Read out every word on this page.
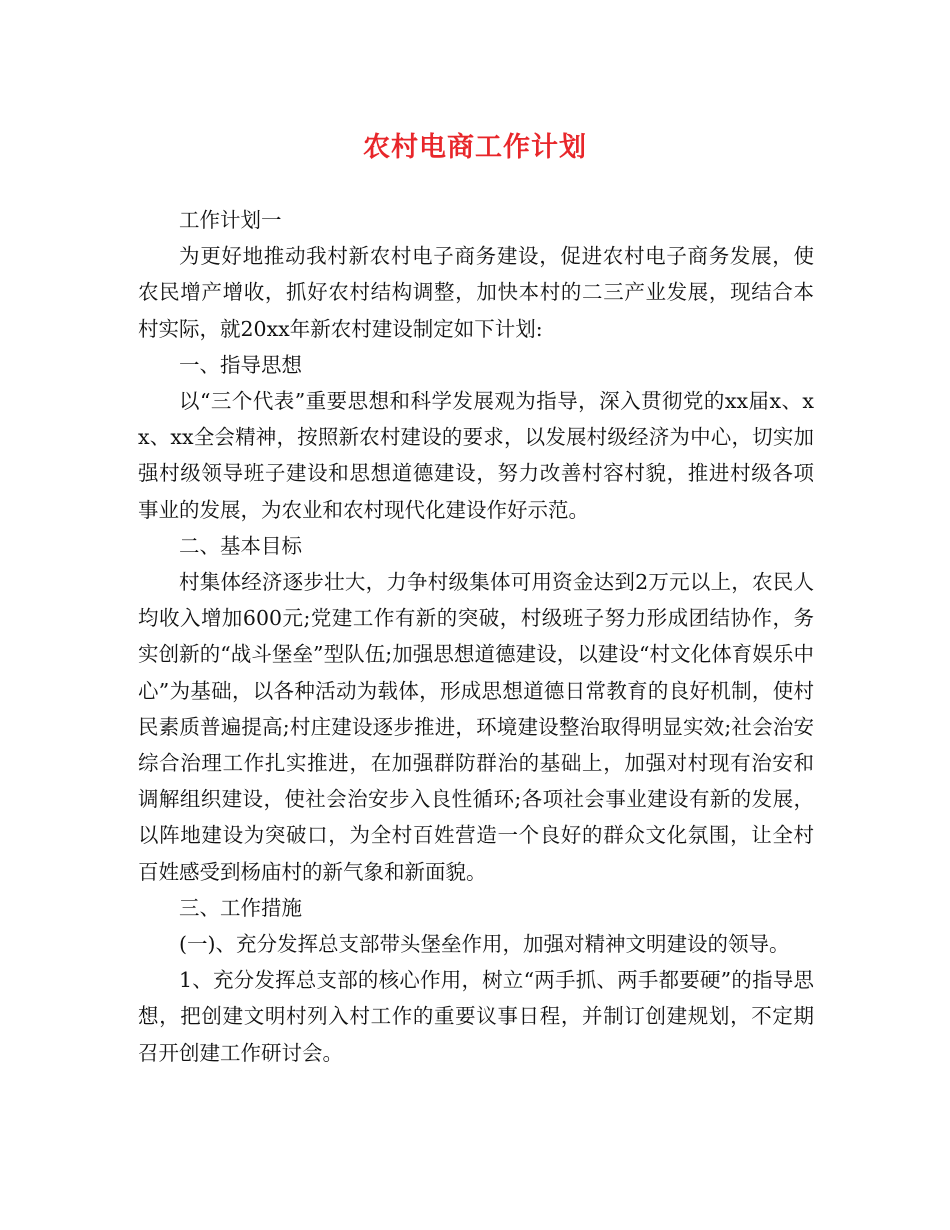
农村电商工作计划

工作计划一

为更好地推动我村新农村电子商务建设，促进农村电子商务发展，使农民增产增收，抓好农村结构调整，加快本村的二三产业发展，现结合本村实际，就20xx年新农村建设制定如下计划:

一、指导思想

以“三个代表”重要思想和科学发展观为指导，深入贯彻党的xx届x、xx、xx全会精神，按照新农村建设的要求，以发展村级经济为中心，切实加强村级领导班子建设和思想道德建设，努力改善村容村貌，推进村级各项事业的发展，为农业和农村现代化建设作好示范。

二、基本目标

村集体经济逐步壮大，力争村级集体可用资金达到2万元以上，农民人均收入增加600元;党建工作有新的突破，村级班子努力形成团结协作，务实创新的“战斗堡垒”型队伍;加强思想道德建设，以建设“村文化体育娱乐中心”为基础，以各种活动为载体，形成思想道德日常教育的良好机制，使村民素质普遍提高;村庄建设逐步推进，环境建设整治取得明显实效;社会治安综合治理工作扎实推进，在加强群防群治的基础上，加强对村现有治安和调解组织建设，使社会治安步入良性循环;各项社会事业建设有新的发展，以阵地建设为突破口，为全村百姓营造一个良好的群众文化氛围，让全村百姓感受到杨庙村的新气象和新面貌。

三、工作措施

(一)、充分发挥总支部带头堡垒作用，加强对精神文明建设的领导。

1、充分发挥总支部的核心作用，树立“两手抓、两手都要硬”的指导思想，把创建文明村列入村工作的重要议事日程，并制订创建规划，不定期召开创建工作研讨会。
